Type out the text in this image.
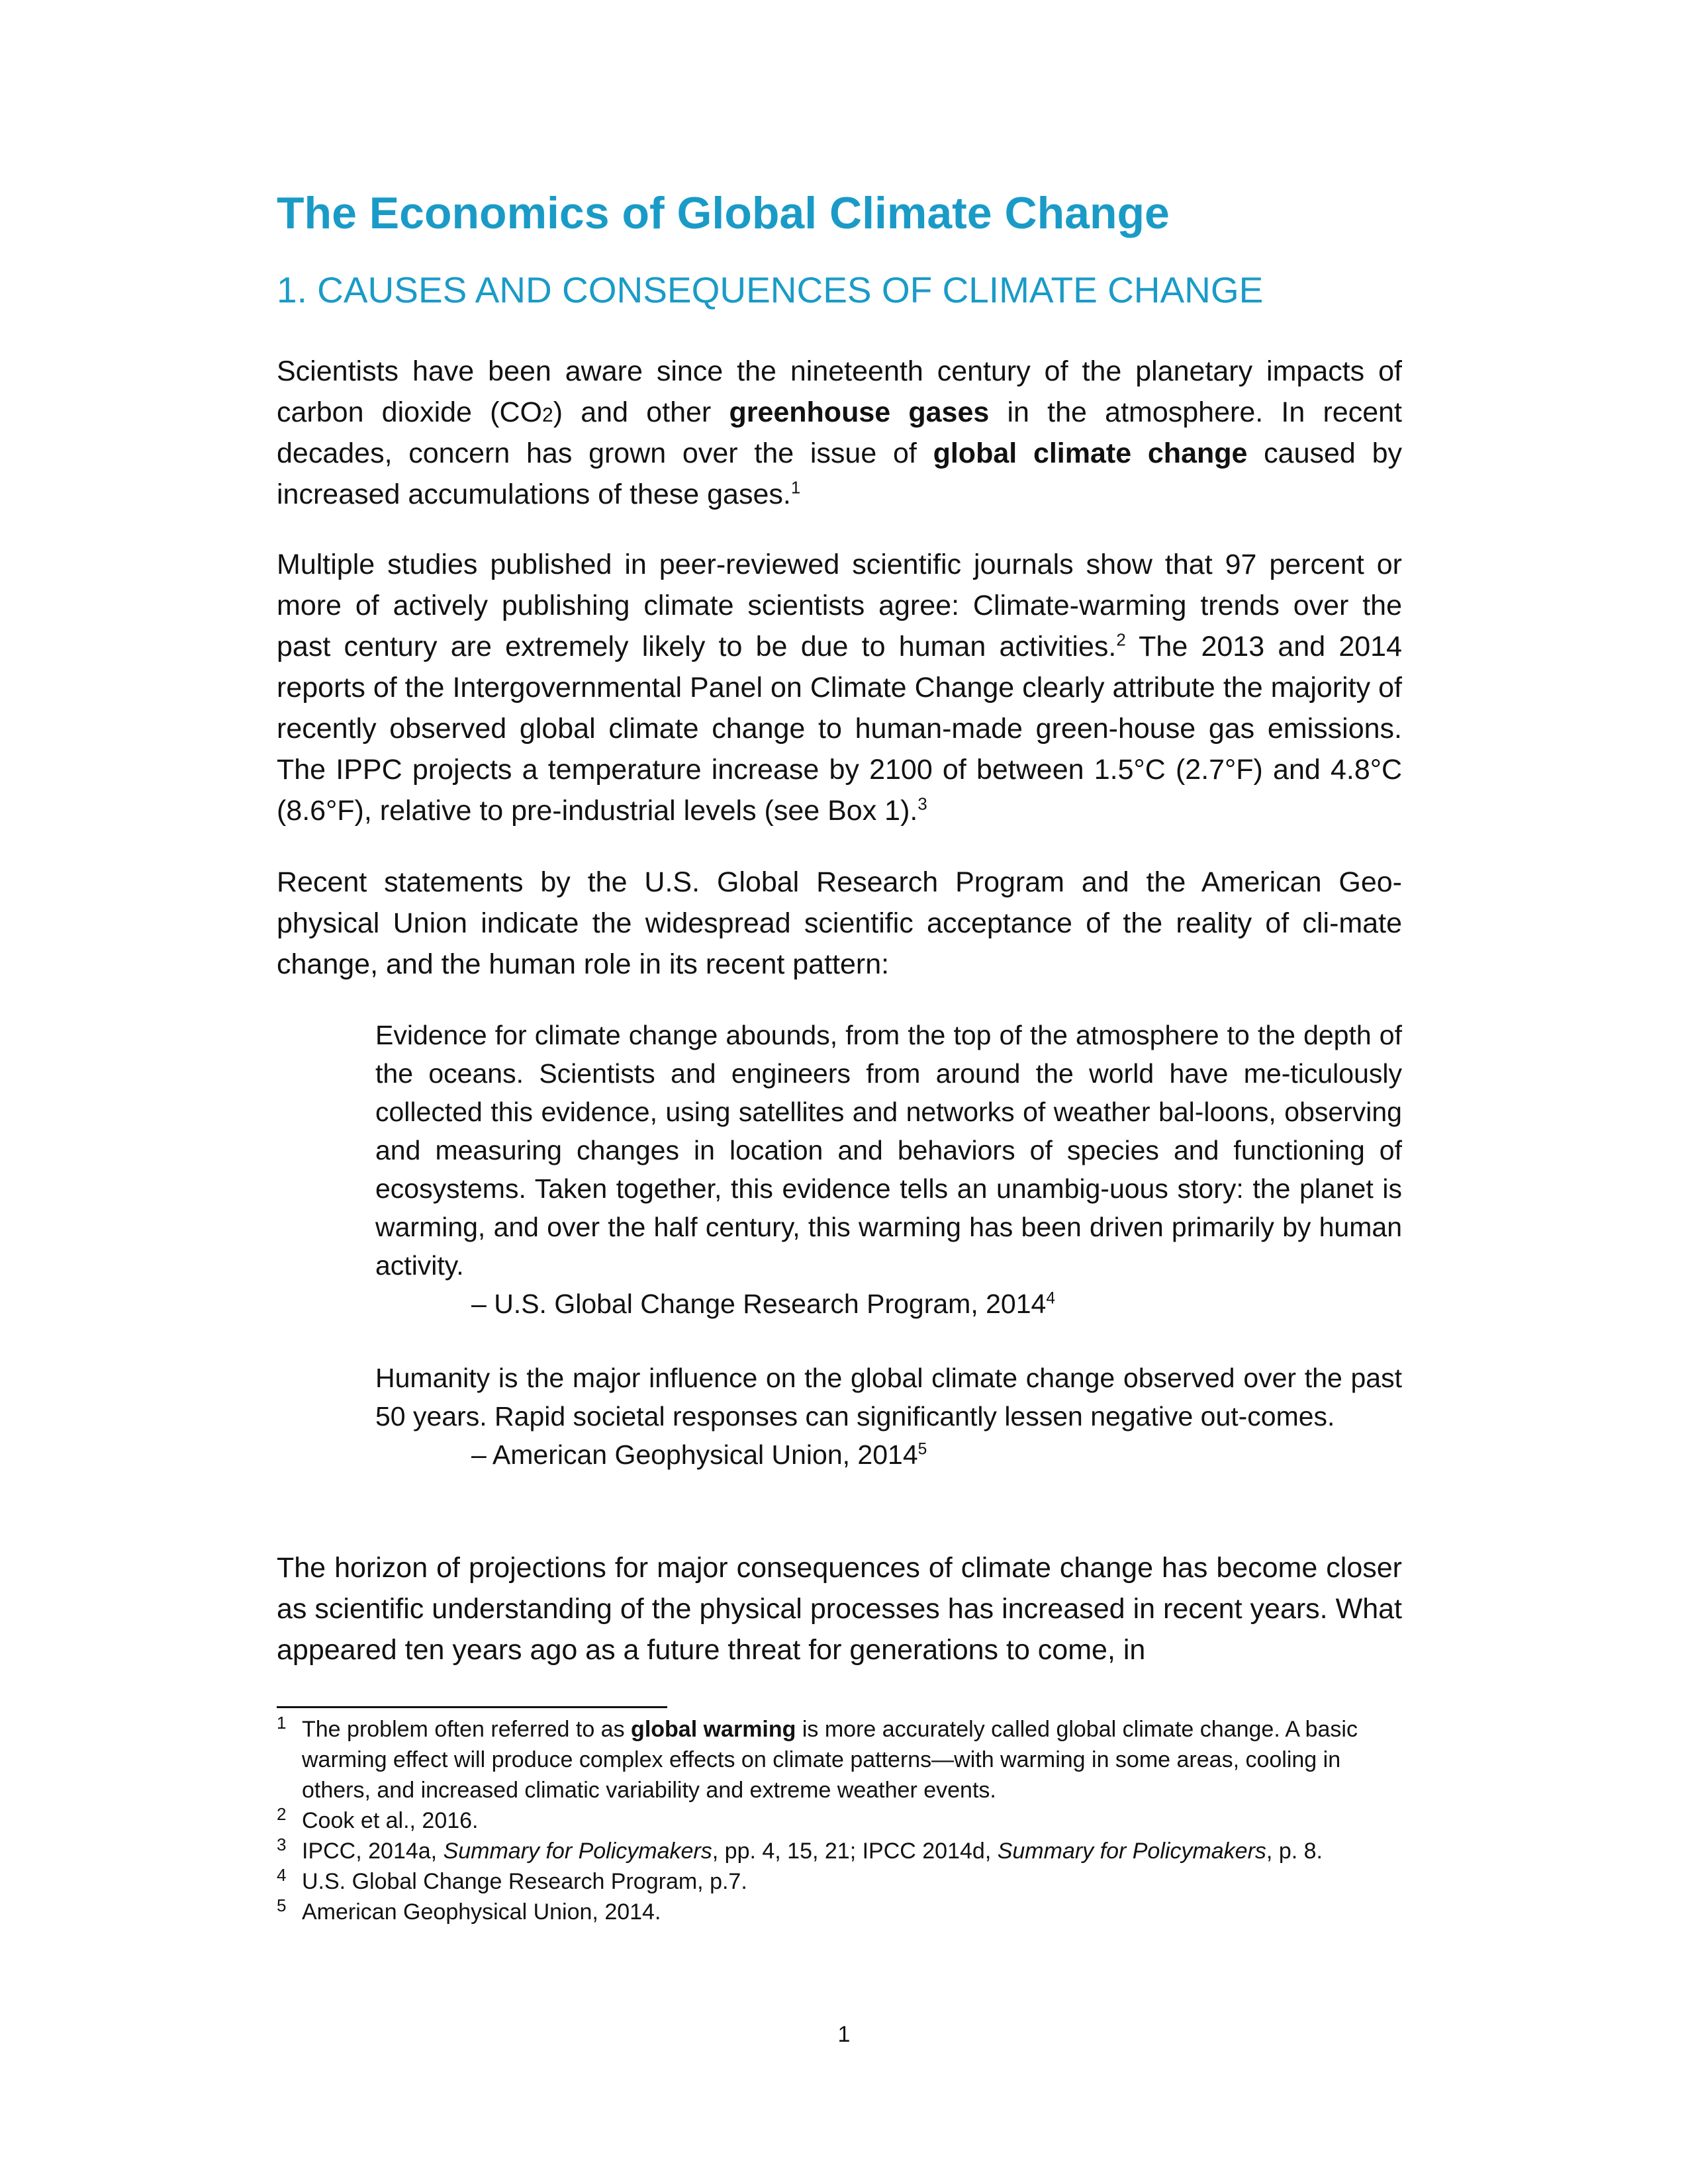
The Economics of Global Climate Change
1. CAUSES AND CONSEQUENCES OF CLIMATE CHANGE

Scientists have been aware since the nineteenth century of the planetary impacts of carbon dioxide (CO2) and other greenhouse gases in the atmosphere. In recent decades, concern has grown over the issue of global climate change caused by increased accumulations of these gases.$^1$

Multiple studies published in peer-reviewed scientific journals show that 97 percent or more of actively publishing climate scientists agree: Climate-warming trends over the past century are extremely likely to be due to human activities.$^2$ The 2013 and 2014 reports of the Intergovernmental Panel on Climate Change clearly attribute the majority of recently observed global climate change to human-made green-house gas emissions. The IPPC projects a temperature increase by 2100 of between 1.5°C (2.7°F) and 4.8°C (8.6°F), relative to pre-industrial levels (see Box 1).$^3$

Recent statements by the U.S. Global Research Program and the American Geo-physical Union indicate the widespread scientific acceptance of the reality of cli-mate change, and the human role in its recent pattern:

Evidence for climate change abounds, from the top of the atmosphere to the depth of the oceans. Scientists and engineers from around the world have me-ticulously collected this evidence, using satellites and networks of weather bal-loons, observing and measuring changes in location and behaviors of species and functioning of ecosystems. Taken together, this evidence tells an unambig-uous story: the planet is warming, and over the half century, this warming has been driven primarily by human activity.

– U.S. Global Change Research Program, 2014$^4$

Humanity is the major influence on the global climate change observed over the past 50 years. Rapid societal responses can significantly lessen negative out-comes.

– American Geophysical Union, 2014$^5$

The horizon of projections for major consequences of climate change has become closer as scientific understanding of the physical processes has increased in recent years. What appeared ten years ago as a future threat for generations to come, in

1 The problem often referred to as global warming is more accurately called global climate change. A basic warming effect will produce complex effects on climate patterns—with warming in some areas, cooling in others, and increased climatic variability and extreme weather events.

2 Cook et al., 2016.

3 IPCC, 2014a, Summary for Policymakers, pp. 4, 15, 21; IPCC 2014d, Summary for Policymakers, p. 8.

4 U.S. Global Change Research Program, p.7.

5 American Geophysical Union, 2014.

1
